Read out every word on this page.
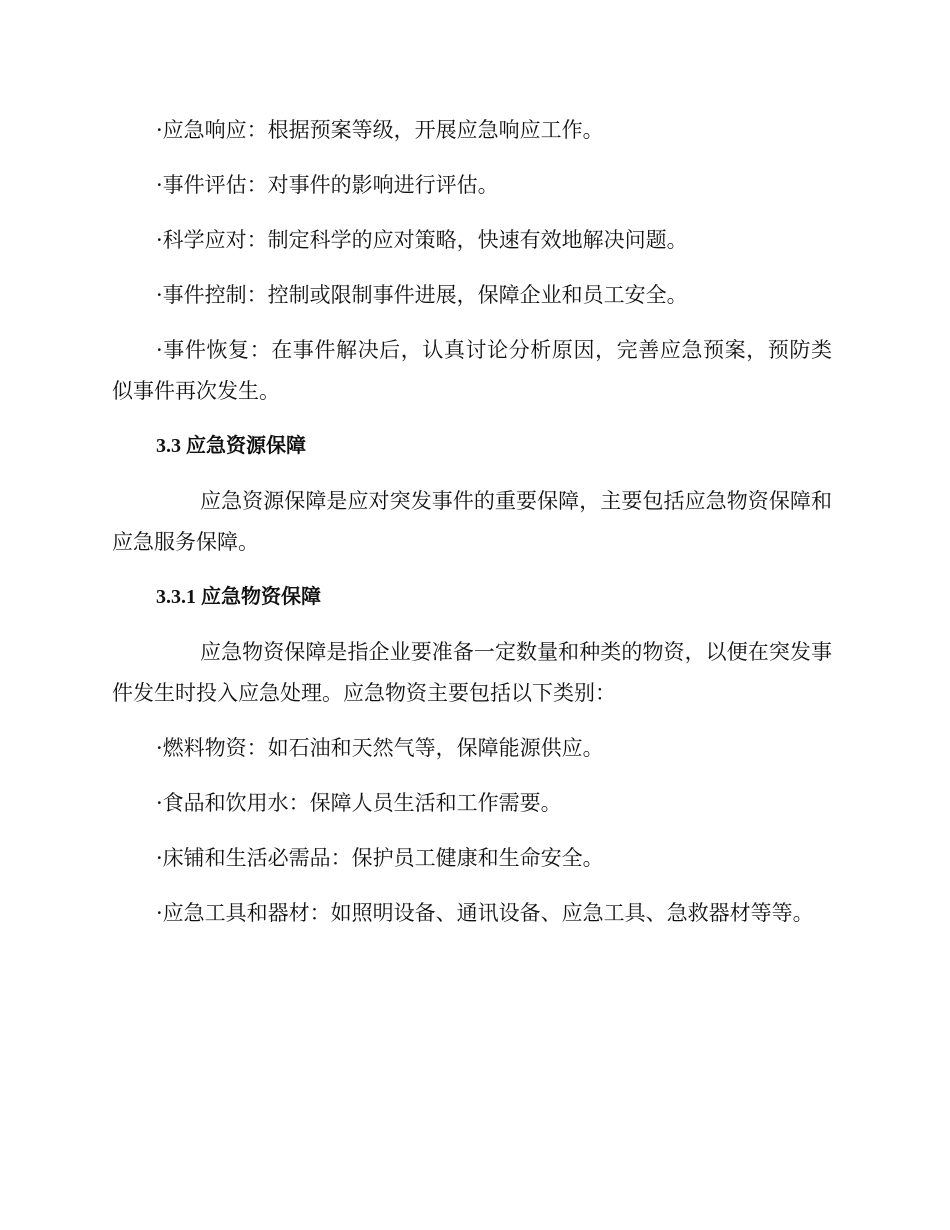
·应急响应：根据预案等级，开展应急响应工作。

·事件评估：对事件的影响进行评估。

·科学应对：制定科学的应对策略，快速有效地解决问题。

·事件控制：控制或限制事件进展，保障企业和员工安全。

·事件恢复：在事件解决后，认真讨论分析原因，完善应急预案，预防类似事件再次发生。

3.3 应急资源保障

应急资源保障是应对突发事件的重要保障，主要包括应急物资保障和应急服务保障。

3.3.1 应急物资保障

应急物资保障是指企业要准备一定数量和种类的物资，以便在突发事件发生时投入应急处理。应急物资主要包括以下类别：

·燃料物资：如石油和天然气等，保障能源供应。

·食品和饮用水：保障人员生活和工作需要。

·床铺和生活必需品：保护员工健康和生命安全。

·应急工具和器材：如照明设备、通讯设备、应急工具、急救器材等等。
